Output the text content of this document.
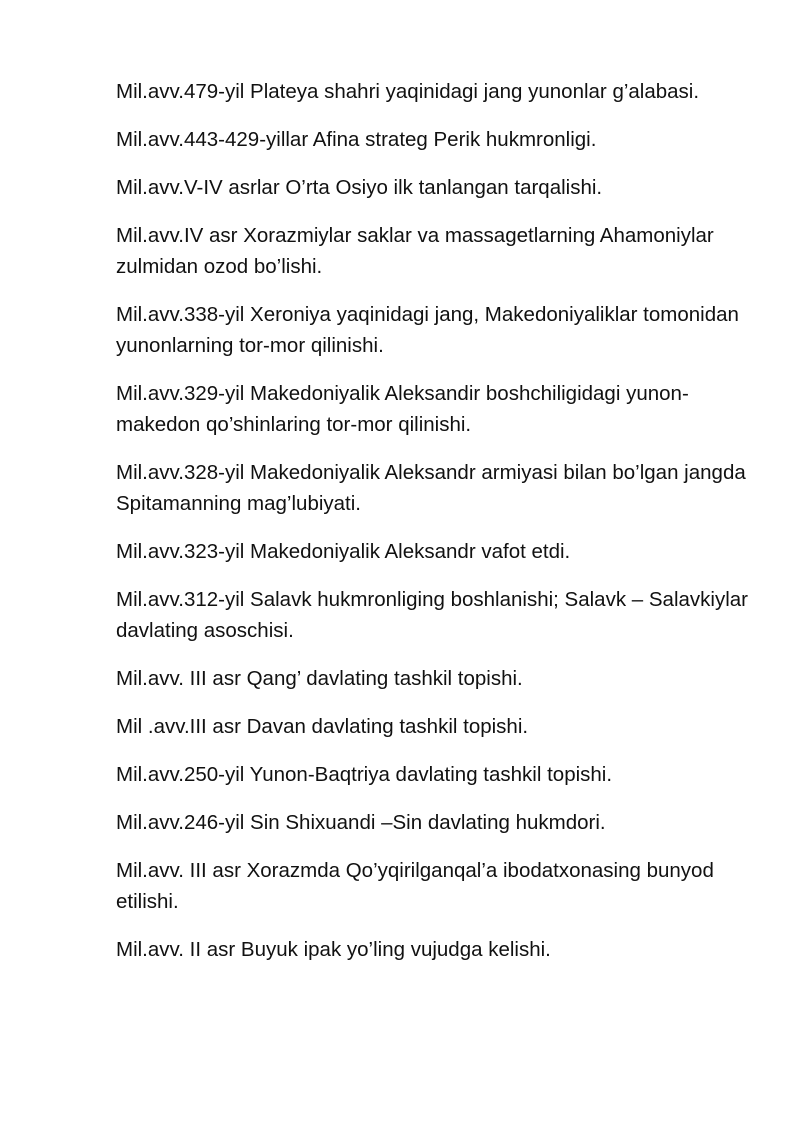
Mil.avv.479-yil Plateya shahri yaqinidagi jang yunonlar g’alabasi.

Mil.avv.443-429-yillar Afina strateg Perik hukmronligi.

Mil.avv.V-IV asrlar O’rta Osiyo ilk tanlangan tarqalishi.

Mil.avv.IV asr Xorazmiylar saklar va massagetlarning Ahamoniylar zulmidan ozod bo’lishi.

Mil.avv.338-yil Xeroniya yaqinidagi jang, Makedoniyaliklar tomonidan yunonlarning tor-mor qilinishi.

Mil.avv.329-yil Makedoniyalik Aleksandir boshchiligidagi yunon-makedon qo’shinlaring tor-mor qilinishi.

Mil.avv.328-yil Makedoniyalik Aleksandr armiyasi bilan bo’lgan jangda Spitamanning mag’lubiyati.

Mil.avv.323-yil Makedoniyalik Aleksandr vafot etdi.

Mil.avv.312-yil Salavk hukmronliging boshlanishi; Salavk – Salavkiylar davlating asoschisi.

Mil.avv. III asr Qang’ davlating tashkil topishi.

Mil .avv.III asr Davan davlating tashkil topishi.

Mil.avv.250-yil Yunon-Baqtriya davlating tashkil topishi.

Mil.avv.246-yil Sin Shixuandi –Sin davlating hukmdori.

Mil.avv. III asr Xorazmda Qo’yqirilganqal’a ibodatxonasing bunyod etilishi.

Mil.avv. II asr Buyuk ipak yo’ling vujudga kelishi.
